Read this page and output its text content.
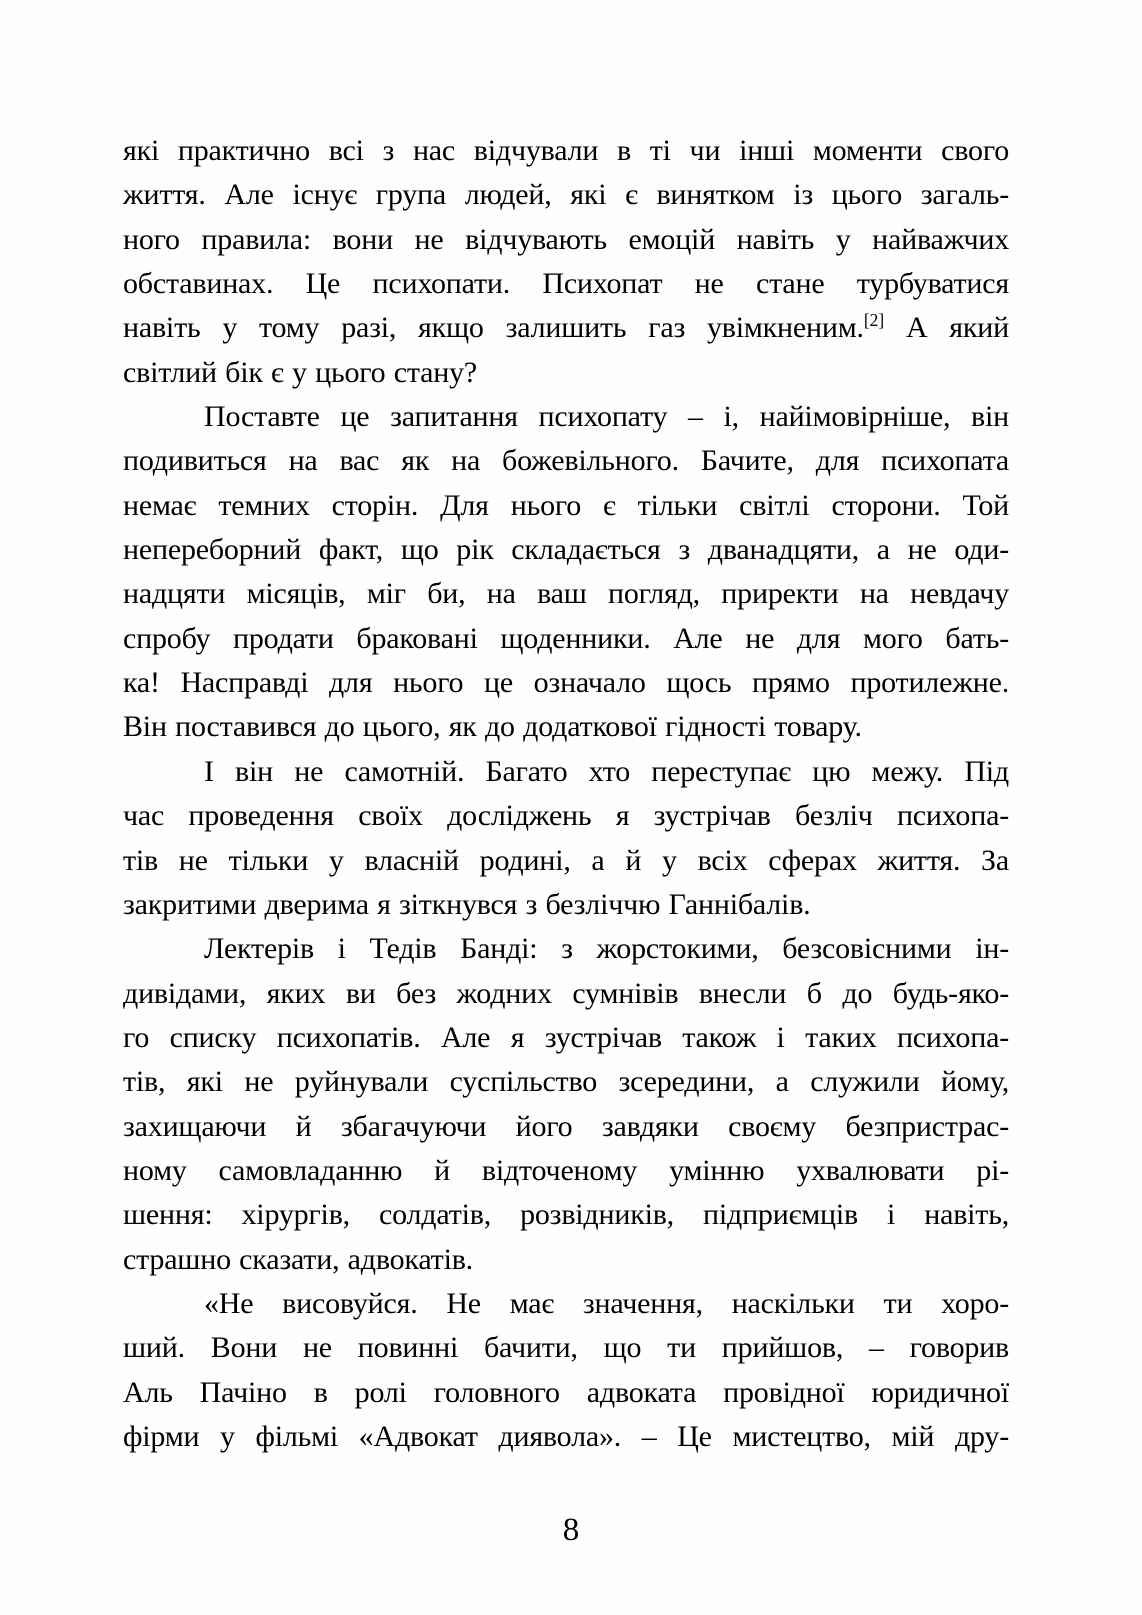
які практично всі з нас відчували в ті чи інші моменти свого
життя. Але існує група людей, які є винятком із цього загаль-
ного правила: вони не відчувають емоцій навіть у найважчих
обставинах. Це психопати. Психопат не стане турбуватися
навіть у тому разі, якщо залишить газ увімкненим.[2] А який
світлий бік є у цього стану?
Поставте це запитання психопату – і, найімовірніше, він
подивиться на вас як на божевільного. Бачите, для психопата
немає темних сторін. Для нього є тільки світлі сторони. Той
непереборний факт, що рік складається з дванадцяти, а не оди-
надцяти місяців, міг би, на ваш погляд, приректи на невдачу
спробу продати браковані щоденники. Але не для мого бать-
ка! Насправді для нього це означало щось прямо протилежне.
Він поставився до цього, як до додаткової гідності товару.
І він не самотній. Багато хто переступає цю межу. Під
час проведення своїх досліджень я зустрічав безліч психопа-
тів не тільки у власній родині, а й у всіх сферах життя. За
закритими дверима я зіткнувся з безліччю Ганнібалів.
Лектерів і Тедів Банді: з жорстокими, безсовісними ін-
дивідами, яких ви без жодних сумнівів внесли б до будь-яко-
го списку психопатів. Але я зустрічав також і таких психопа-
тів, які не руйнували суспільство зсередини, а служили йому,
захищаючи й збагачуючи його завдяки своєму безпристрас-
ному самовладанню й відточеному умінню ухвалювати рі-
шення: хірургів, солдатів, розвідників, підприємців і навіть,
страшно сказати, адвокатів.
«Не висовуйся. Не має значення, наскільки ти хоро-
ший. Вони не повинні бачити, що ти прийшов, – говорив
Аль Пачіно в ролі головного адвоката провідної юридичної
фірми у фільмі «Адвокат диявола». – Це мистецтво, мій дру-
8
